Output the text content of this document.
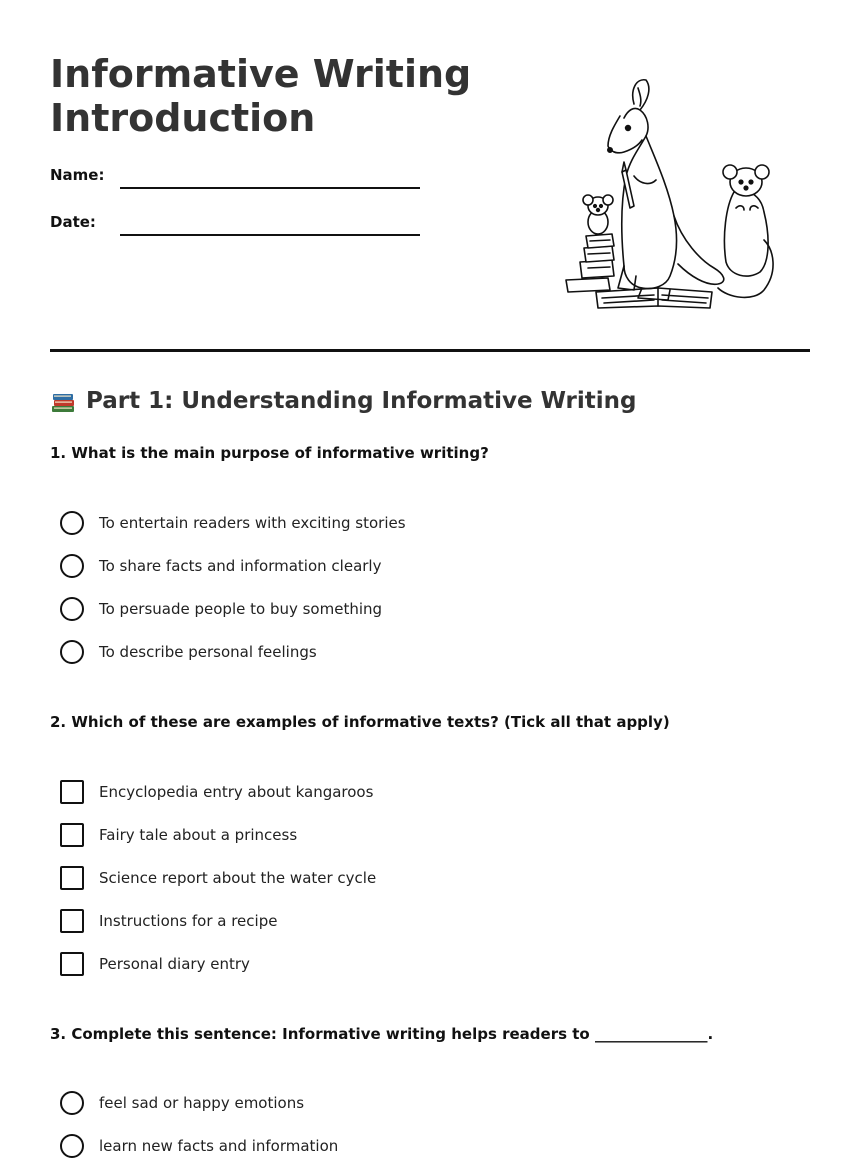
Informative Writing
Introduction
Name:
Date:
Part 1: Understanding Informative Writing

1. What is the main purpose of informative writing?

To entertain readers with exciting stories
To share facts and information clearly
To persuade people to buy something
To describe personal feelings

2. Which of these are examples of informative texts? (Tick all that apply)

Encyclopedia entry about kangaroos
Fairy tale about a princess
Science report about the water cycle
Instructions for a recipe
Personal diary entry

3. Complete this sentence: Informative writing helps readers to _______________.

feel sad or happy emotions
learn new facts and information
